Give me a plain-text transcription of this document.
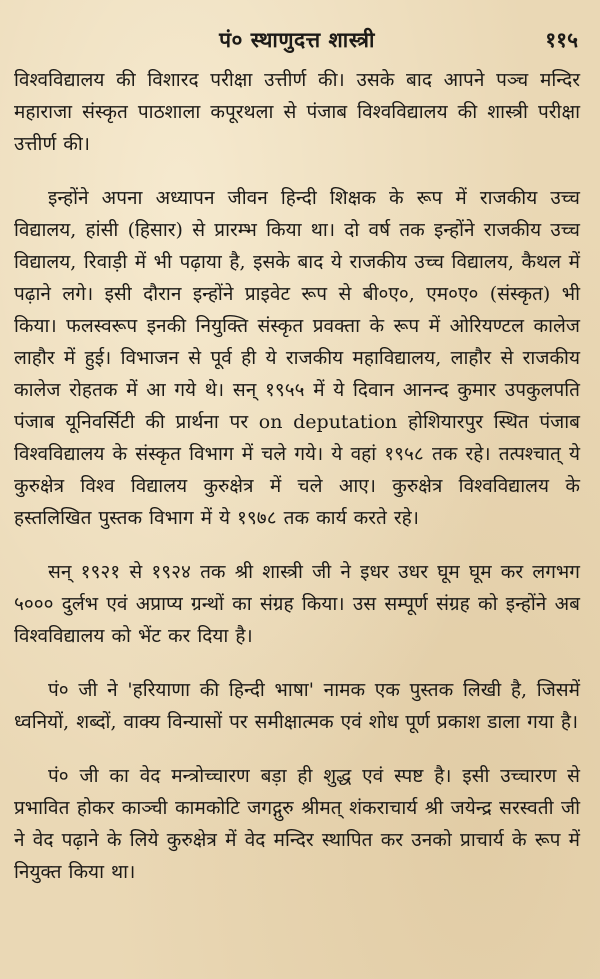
पं० स्थाणुदत्त शास्त्री	११५

विश्वविद्यालय की विशारद परीक्षा उत्तीर्ण की। उसके बाद आपने पञ्च मन्दिर महाराजा संस्कृत पाठशाला कपूरथला से पंजाब विश्वविद्यालय की शास्त्री परीक्षा उत्तीर्ण की।

इन्होंने अपना अध्यापन जीवन हिन्दी शिक्षक के रूप में राजकीय उच्च विद्यालय, हांसी (हिसार) से प्रारम्भ किया था। दो वर्ष तक इन्होंने राजकीय उच्च विद्यालय, रिवाड़ी में भी पढ़ाया है, इसके बाद ये राजकीय उच्च विद्यालय, कैथल में पढ़ाने लगे। इसी दौरान इन्होंने प्राइवेट रूप से बी०ए०, एम०ए० (संस्कृत) भी किया। फलस्वरूप इनकी नियुक्ति संस्कृत प्रवक्ता के रूप में ओरियण्टल कालेज लाहौर में हुई। विभाजन से पूर्व ही ये राजकीय महाविद्यालय, लाहौर से राजकीय कालेज रोहतक में आ गये थे। सन् १९५५ में ये दिवान आनन्द कुमार उपकुलपति पंजाब यूनिवर्सिटी की प्रार्थना पर on deputation होशियारपुर स्थित पंजाब विश्वविद्यालय के संस्कृत विभाग में चले गये। ये वहां १९५८ तक रहे। तत्पश्चात् ये कुरुक्षेत्र विश्व विद्यालय कुरुक्षेत्र में चले आए। कुरुक्षेत्र विश्वविद्यालय के हस्तलिखित पुस्तक विभाग में ये १९७८ तक कार्य करते रहे।

सन् १९२१ से १९२४ तक श्री शास्त्री जी ने इधर उधर घूम घूम कर लगभग ५००० दुर्लभ एवं अप्राप्य ग्रन्थों का संग्रह किया। उस सम्पूर्ण संग्रह को इन्होंने अब विश्वविद्यालय को भेंट कर दिया है।

पं० जी ने 'हरियाणा की हिन्दी भाषा' नामक एक पुस्तक लिखी है, जिसमें ध्वनियों, शब्दों, वाक्य विन्यासों पर समीक्षात्मक एवं शोध पूर्ण प्रकाश डाला गया है।

पं० जी का वेद मन्त्रोच्चारण बड़ा ही शुद्ध एवं स्पष्ट है। इसी उच्चारण से प्रभावित होकर काञ्ची कामकोटि जगद्गुरु श्रीमत् शंकराचार्य श्री जयेन्द्र सरस्वती जी ने वेद पढ़ाने के लिये कुरुक्षेत्र में वेद मन्दिर स्थापित कर उनको प्राचार्य के रूप में नियुक्त किया था।
